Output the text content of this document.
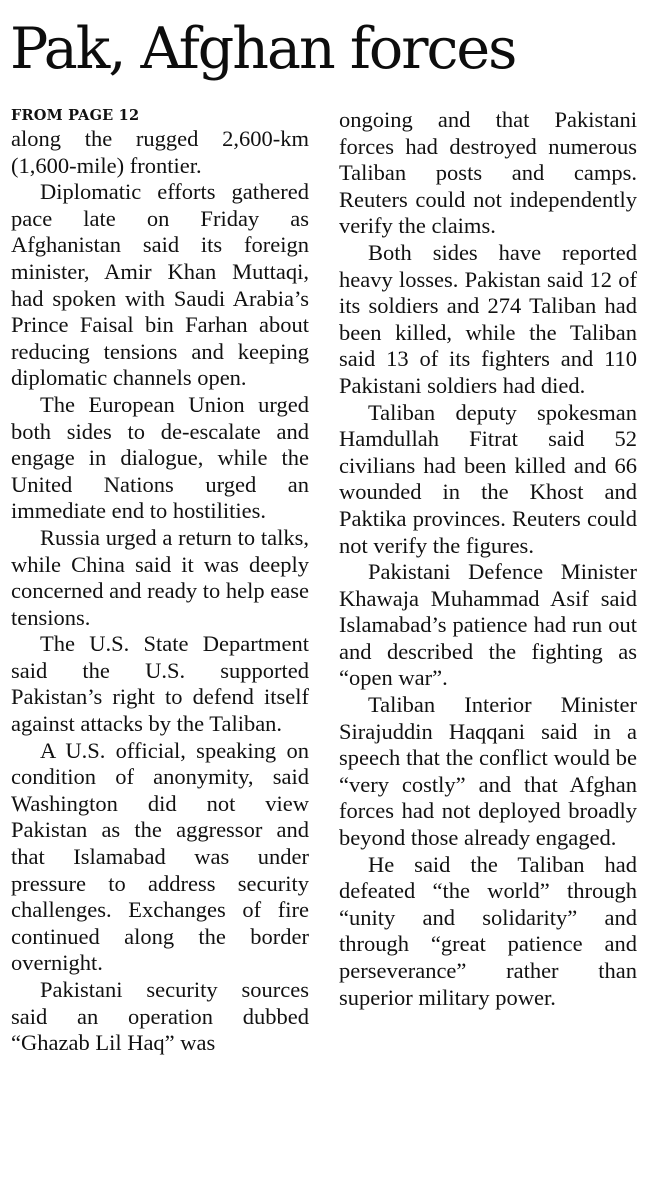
Pak, Afghan forces
FROM PAGE 12

along the rugged 2,600-km (1,600-mile) frontier.

Diplomatic efforts gathered pace late on Friday as Afghanistan said its foreign minister, Amir Khan Muttaqi, had spoken with Saudi Arabia’s Prince Faisal bin Farhan about reducing tensions and keeping diplomatic channels open.

The European Union urged both sides to de-escalate and engage in dialogue, while the United Nations urged an immediate end to hostilities.

Russia urged a return to talks, while China said it was deeply concerned and ready to help ease tensions.

The U.S. State Department said the U.S. supported Pakistan’s right to defend itself against attacks by the Taliban.

A U.S. official, speaking on condition of anonymity, said Washington did not view Pakistan as the aggressor and that Islamabad was under pressure to address security challenges. Exchanges of fire continued along the border overnight.

Pakistani security sources said an operation dubbed “Ghazab Lil Haq” was

ongoing and that Pakistani forces had destroyed numerous Taliban posts and camps. Reuters could not independently verify the claims.

Both sides have reported heavy losses. Pakistan said 12 of its soldiers and 274 Taliban had been killed, while the Taliban said 13 of its fighters and 110 Pakistani soldiers had died.

Taliban deputy spokesman Hamdullah Fitrat said 52 civilians had been killed and 66 wounded in the Khost and Paktika provinces. Reuters could not verify the figures.

Pakistani Defence Minister Khawaja Muhammad Asif said Islamabad’s patience had run out and described the fighting as “open war”.

Taliban Interior Minister Sirajuddin Haqqani said in a speech that the conflict would be “very costly” and that Afghan forces had not deployed broadly beyond those already engaged.

He said the Taliban had defeated “the world” through “unity and solidarity” and through “great patience and perseverance” rather than superior military power.
